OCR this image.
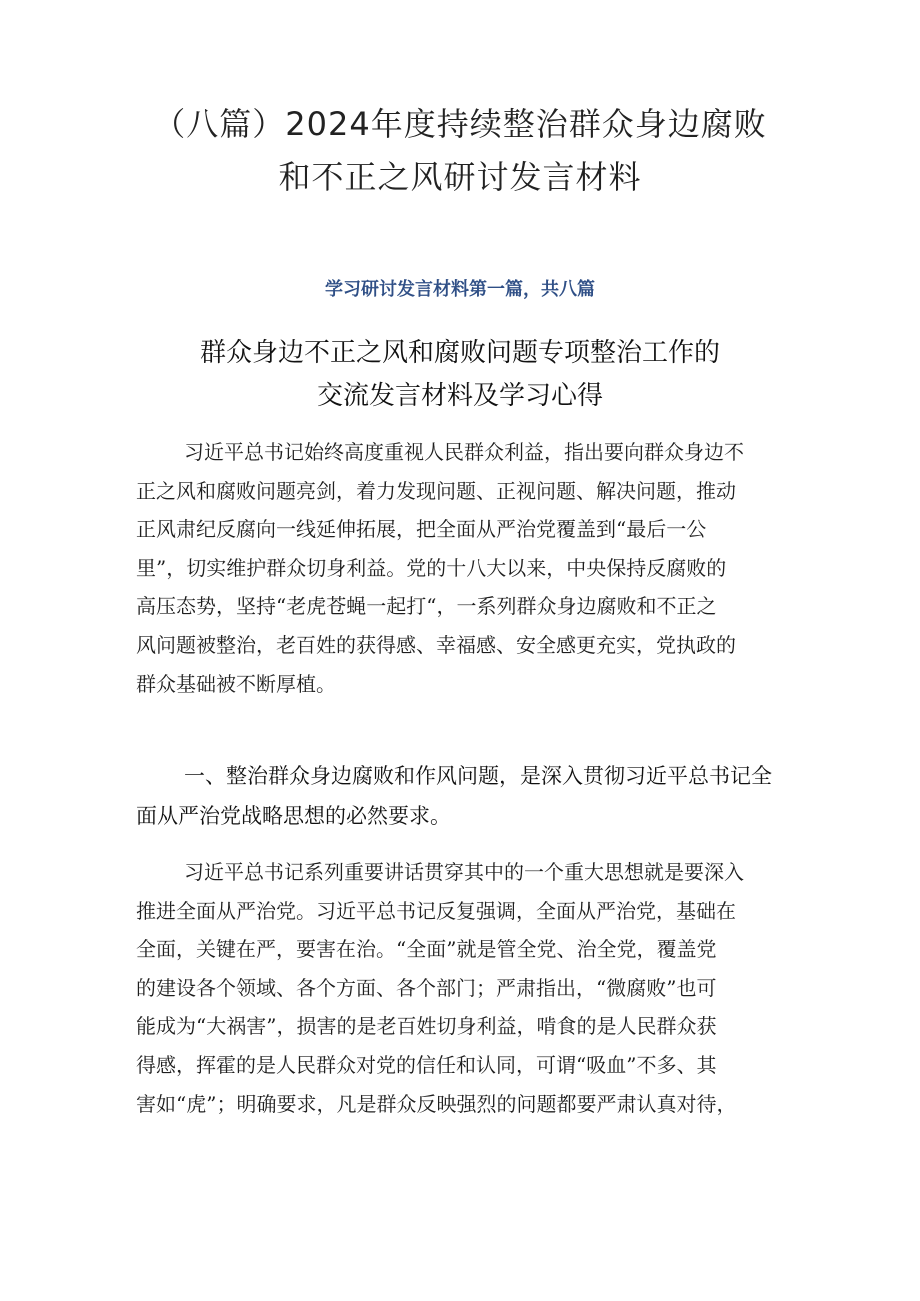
（八篇）2024年度持续整治群众身边腐败
和不正之风研讨发言材料

学习研讨发言材料第一篇，共八篇

群众身边不正之风和腐败问题专项整治工作的
交流发言材料及学习心得
习近平总书记始终高度重视人民群众利益，指出要向群众身边不
正之风和腐败问题亮剑，着力发现问题、正视问题、解决问题，推动
正风肃纪反腐向一线延伸拓展，把全面从严治党覆盖到“最后一公
里”，切实维护群众切身利益。党的十八大以来，中央保持反腐败的
高压态势，坚持“老虎苍蝇一起打“，一系列群众身边腐败和不正之
风问题被整治，老百姓的获得感、幸福感、安全感更充实，党执政的
群众基础被不断厚植。
一、整治群众身边腐败和作风问题，是深入贯彻习近平总书记全
面从严治党战略思想的必然要求。
习近平总书记系列重要讲话贯穿其中的一个重大思想就是要深入
推进全面从严治党。习近平总书记反复强调，全面从严治党，基础在
全面，关键在严，要害在治。“全面”就是管全党、治全党，覆盖党
的建设各个领域、各个方面、各个部门；严肃指出，“微腐败”也可
能成为“大祸害”，损害的是老百姓切身利益，啃食的是人民群众获
得感，挥霍的是人民群众对党的信任和认同，可谓“吸血”不多、其
害如“虎”；明确要求，凡是群众反映强烈的问题都要严肃认真对待，
